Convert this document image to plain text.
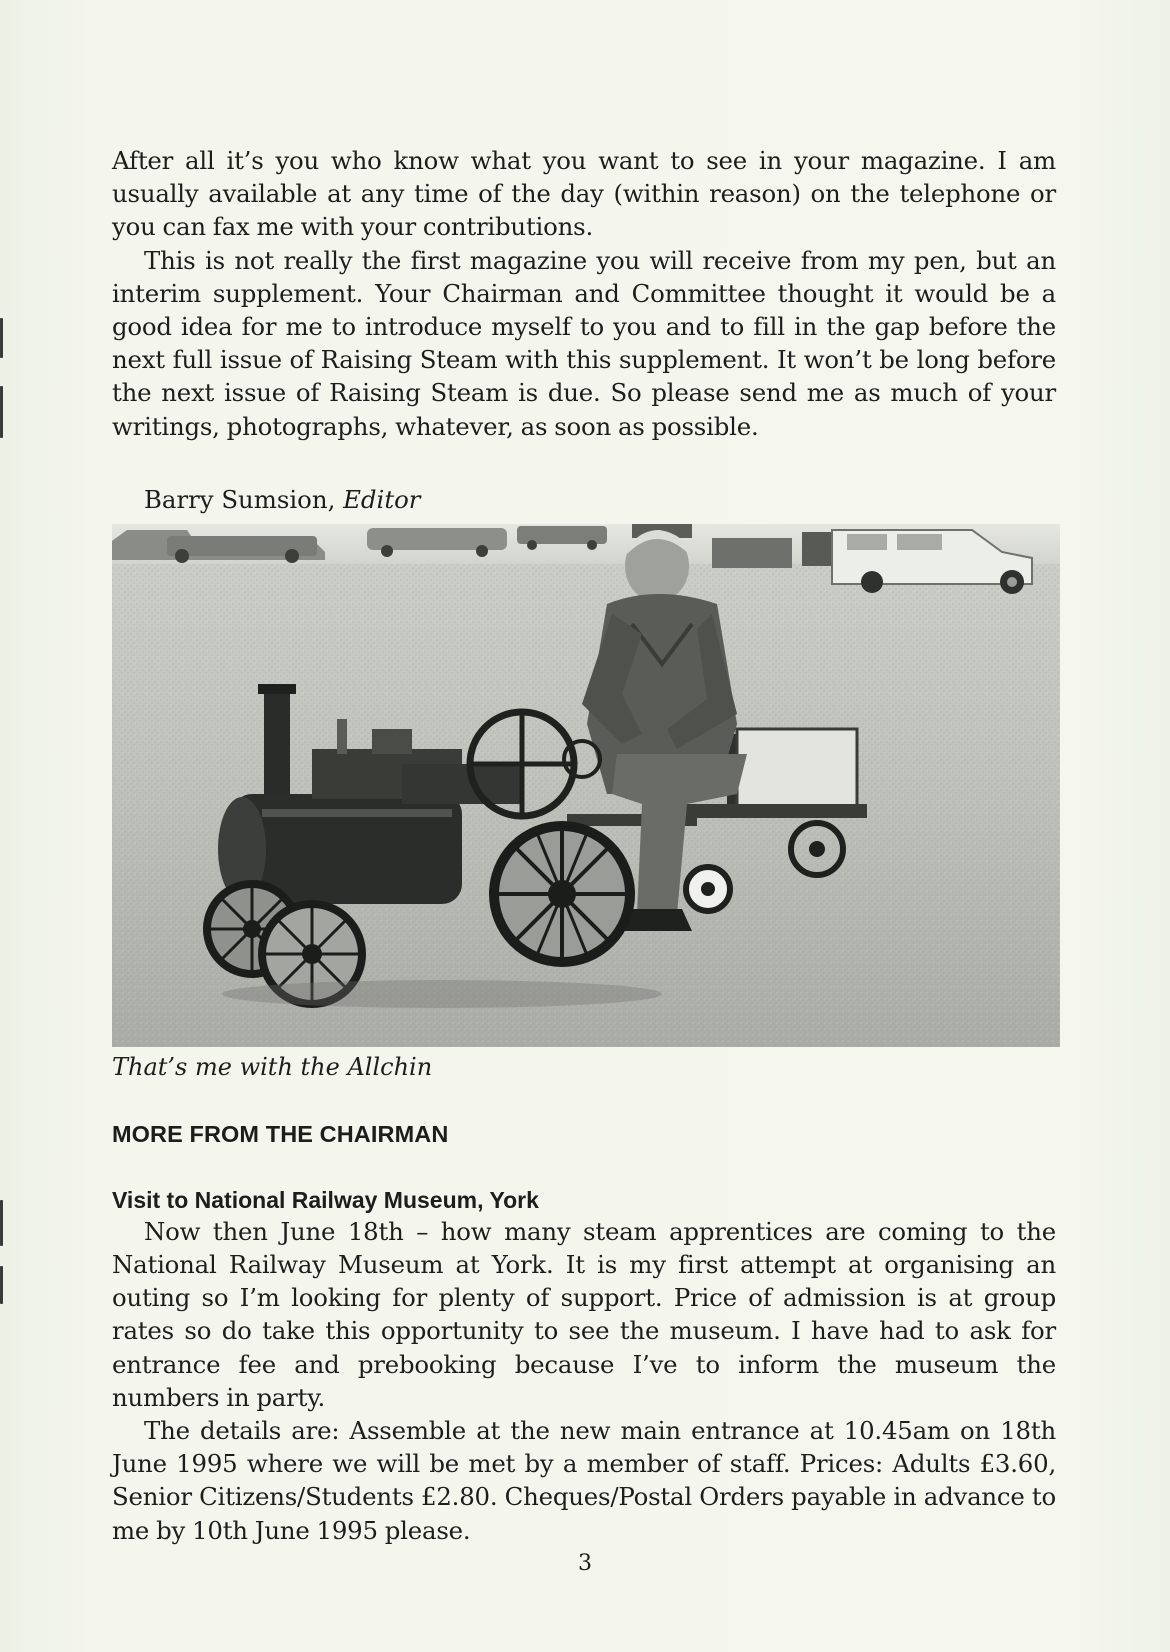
After all it’s you who know what you want to see in your magazine. I am usually available at any time of the day (within reason) on the telephone or you can fax me with your contributions.

This is not really the first magazine you will receive from my pen, but an interim supplement. Your Chairman and Committee thought it would be a good idea for me to introduce myself to you and to fill in the gap before the next full issue of Raising Steam with this supplement. It won’t be long before the next issue of Raising Steam is due. So please send me as much of your writings, photographs, whatever, as soon as possible.

Barry Sumsion, Editor
That’s me with the Allchin
MORE FROM THE CHAIRMAN
Visit to National Railway Museum, York

Now then June 18th – how many steam apprentices are coming to the National Railway Museum at York. It is my first attempt at organising an outing so I’m looking for plenty of support. Price of admission is at group rates so do take this opportunity to see the museum. I have had to ask for entrance fee and prebooking because I’ve to inform the museum the numbers in party.

The details are: Assemble at the new main entrance at 10.45am on 18th June 1995 where we will be met by a member of staff. Prices: Adults £3.60, Senior Citizens/Students £2.80. Cheques/Postal Orders payable in advance to me by 10th June 1995 please.

3
